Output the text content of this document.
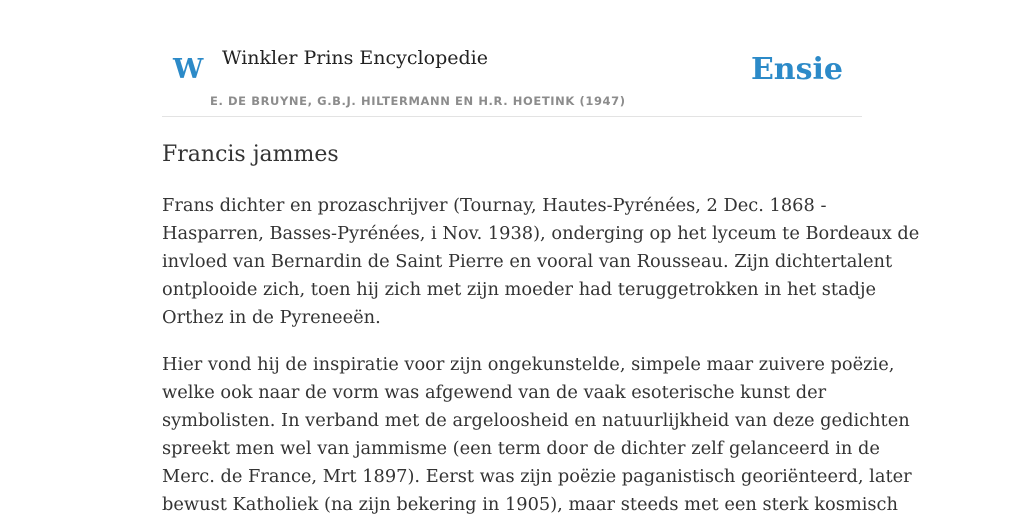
W Winkler Prins Encyclopedie
E. DE BRUYNE, G.B.J. HILTERMANN EN H.R. HOETINK (1947)
Ensie
Francis jammes

Frans dichter en prozaschrijver (Tournay, Hautes-Pyrénées, 2 Dec. 1868 -
Hasparren, Basses-Pyrénées, i Nov. 1938), onderging op het lyceum te Bordeaux de
invloed van Bernardin de Saint Pierre en vooral van Rousseau. Zijn dichtertalent
ontplooide zich, toen hij zich met zijn moeder had teruggetrokken in het stadje
Orthez in de Pyreneeën.

Hier vond hij de inspiratie voor zijn ongekunstelde, simpele maar zuivere poëzie,
welke ook naar de vorm was afgewend van de vaak esoterische kunst der
symbolisten. In verband met de argeloosheid en natuurlijkheid van deze gedichten
spreekt men wel van jammisme (een term door de dichter zelf gelanceerd in de
Merc. de France, Mrt 1897). Eerst was zijn poëzie paganistisch georiënteerd, later
bewust Katholiek (na zijn bekering in 1905), maar steeds met een sterk kosmisch
